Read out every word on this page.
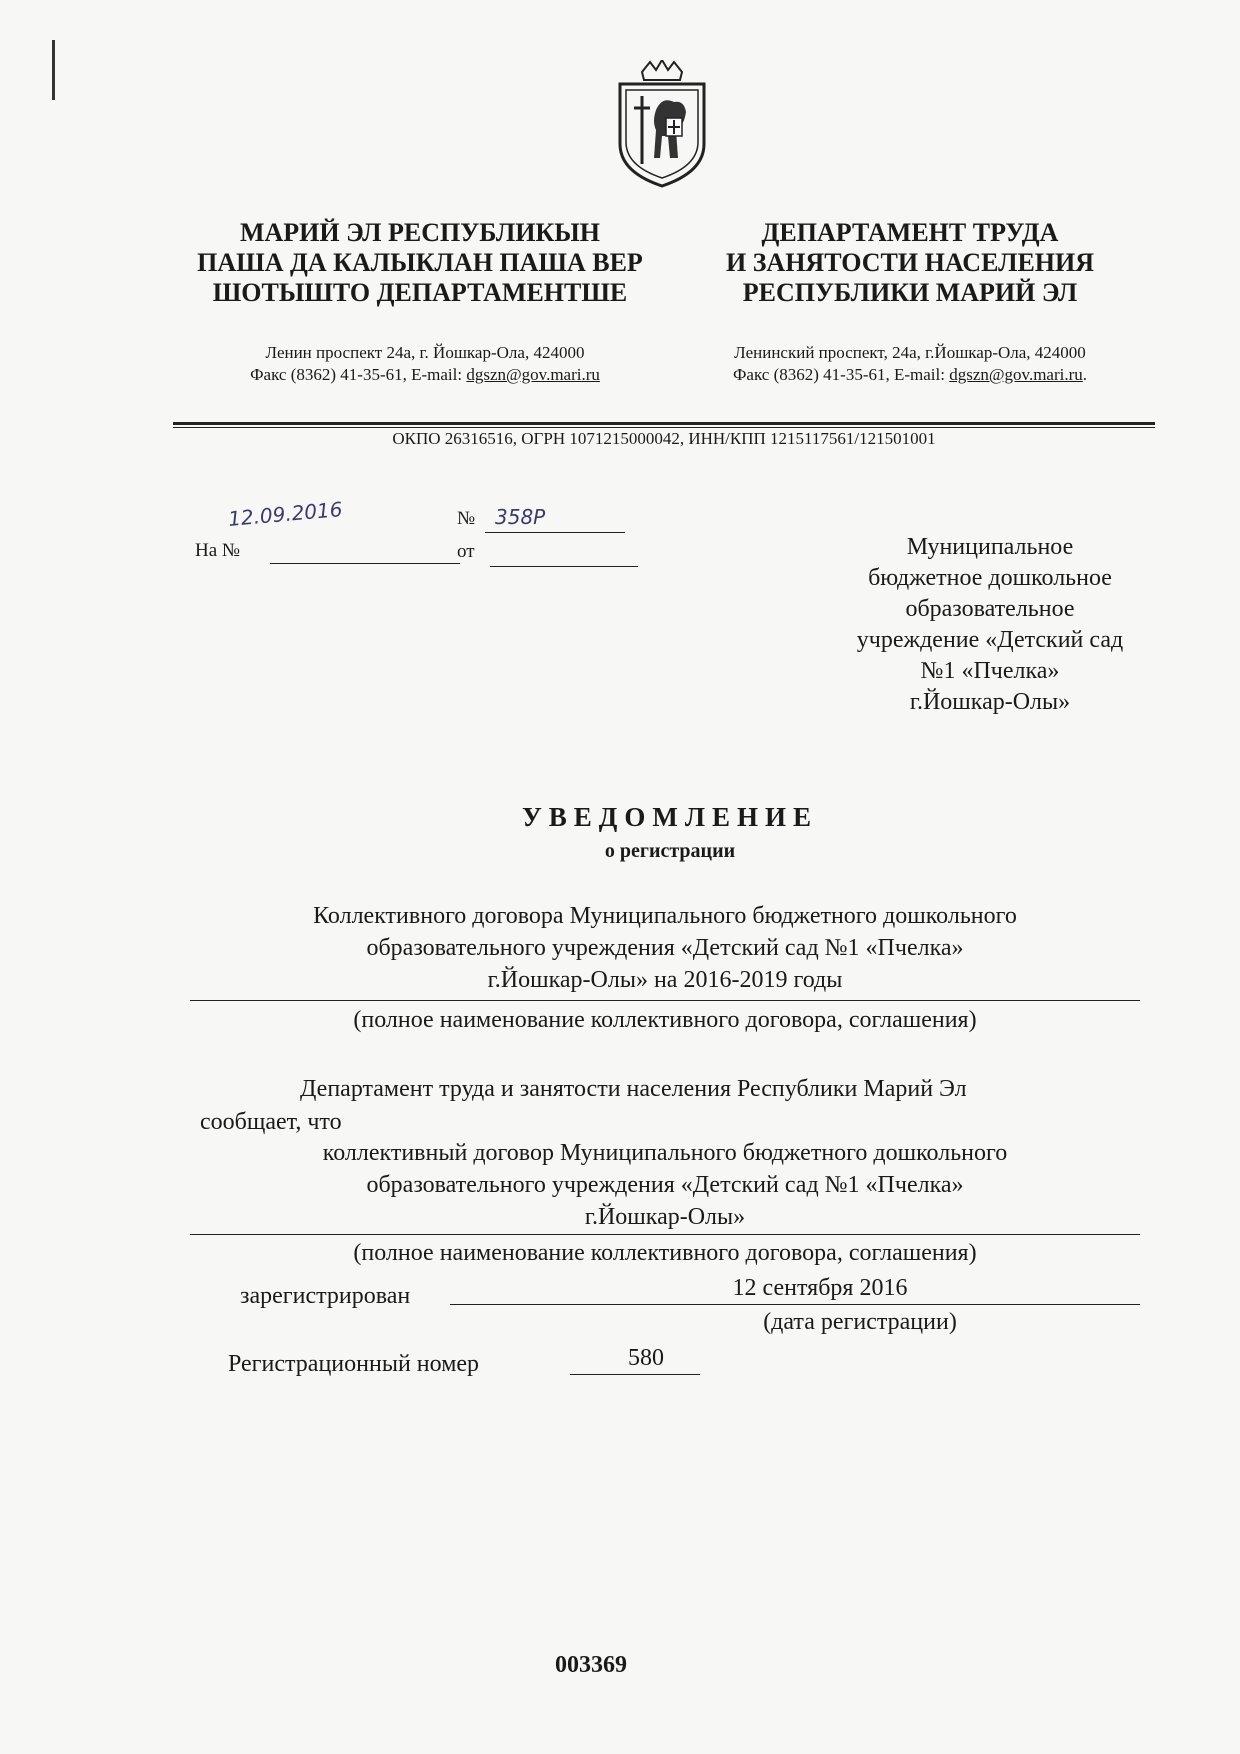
МАРИЙ ЭЛ РЕСПУБЛИКЫН
ПАША ДА КАЛЫКЛАН ПАША ВЕР
ШОТЫШТО ДЕПАРТАМЕНТШЕ
ДЕПАРТАМЕНТ ТРУДА
И ЗАНЯТОСТИ НАСЕЛЕНИЯ
РЕСПУБЛИКИ МАРИЙ ЭЛ
Ленин проспект 24а, г. Йошкар-Ола, 424000
Факс (8362) 41-35-61, E-mail: dgszn@gov.mari.ru
Ленинский проспект, 24а, г.Йошкар-Ола, 424000
Факс (8362) 41-35-61, E-mail: dgszn@gov.mari.ru.
ОКПО 26316516, ОГРН 1071215000042, ИНН/КПП 1215117561/121501001
На №
12.09.2016	№ 358Р
от	Муниципальное
бюджетное дошкольное
образовательное
учреждение «Детский сад
№1 «Пчелка»
г.Йошкар-Олы»
УВЕДОМЛЕНИЕ
о регистрации
Коллективного договора Муниципального бюджетного дошкольного
образовательного учреждения «Детский сад №1 «Пчелка»
г.Йошкар-Олы» на 2016-2019 годы
(полное наименование коллективного договора, соглашения)
Департамент труда и занятости населения Республики Марий Эл
сообщает, что
коллективный договор Муниципального бюджетного дошкольного
образовательного учреждения «Детский сад №1 «Пчелка»
г.Йошкар-Олы»
(полное наименование коллективного договора, соглашения)
зарегистрирован	12 сентября 2016
(дата регистрации)
Регистрационный номер	580
003369
